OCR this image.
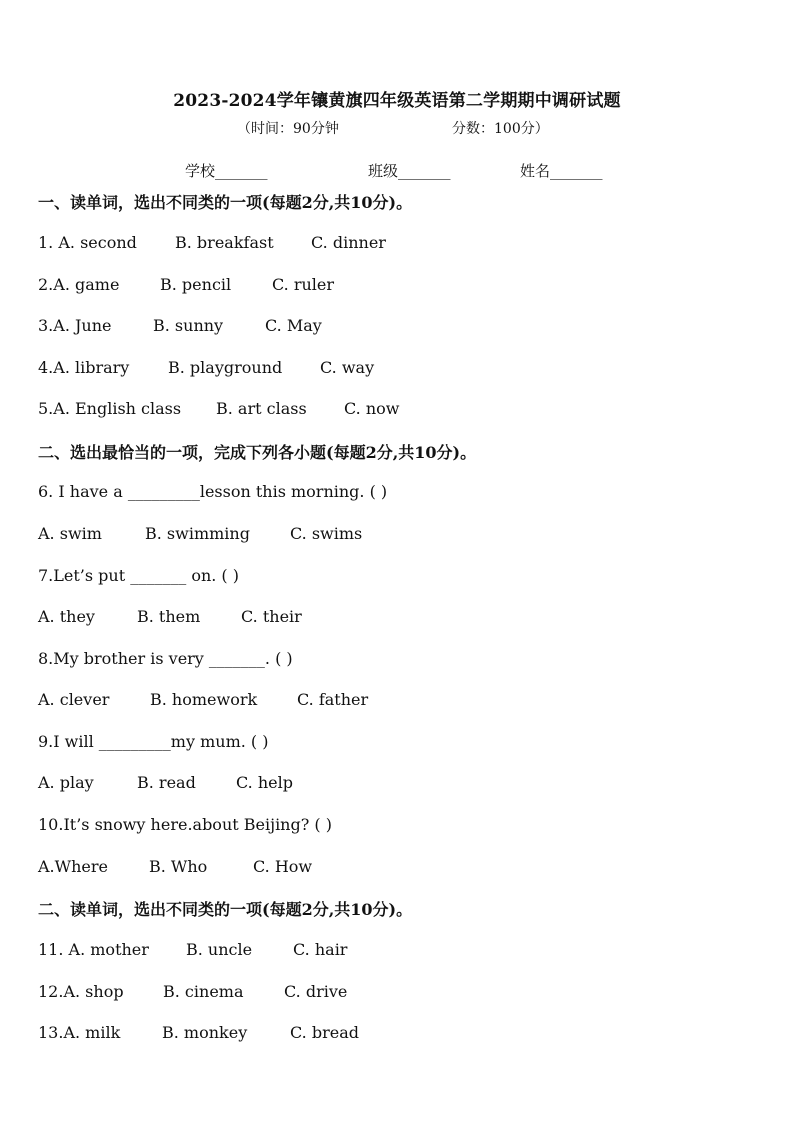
2023-2024学年镶黄旗四年级英语第二学期期中调研试题
（时间：90分钟	分数：100分）
学校_______	班级_______	姓名_______
一、读单词，选出不同类的一项(每题2分,共10分)。
1. A. second B. breakfast C. dinner
2.A. game	B. pencil	C. ruler
3.A. June	B. sunny	C. May
4.A. library B. playground C. way
5.A. English class B. art class C. now
二、选出最恰当的一项，完成下列各小题(每题2分,共10分)。
6. I have a _________lesson this morning. ( )
A. swim	B. swimming	C. swims
7.Let’s put _______ on. ( )
A. they	B. them	C. their
8.My brother is very _______. ( )
A. clever	B. homework C. father
9.I will _________my mum. ( )
A. play	B. read	C. help
10.It’s snowy here.about Beijing? ( )
A.Where	B. Who	C. How
二、读单词，选出不同类的一项(每题2分,共10分)。
11. A. mother B. uncle	C. hair
12.A. shop B. cinema	C. drive
13.A. milk	B. monkey	C. bread
